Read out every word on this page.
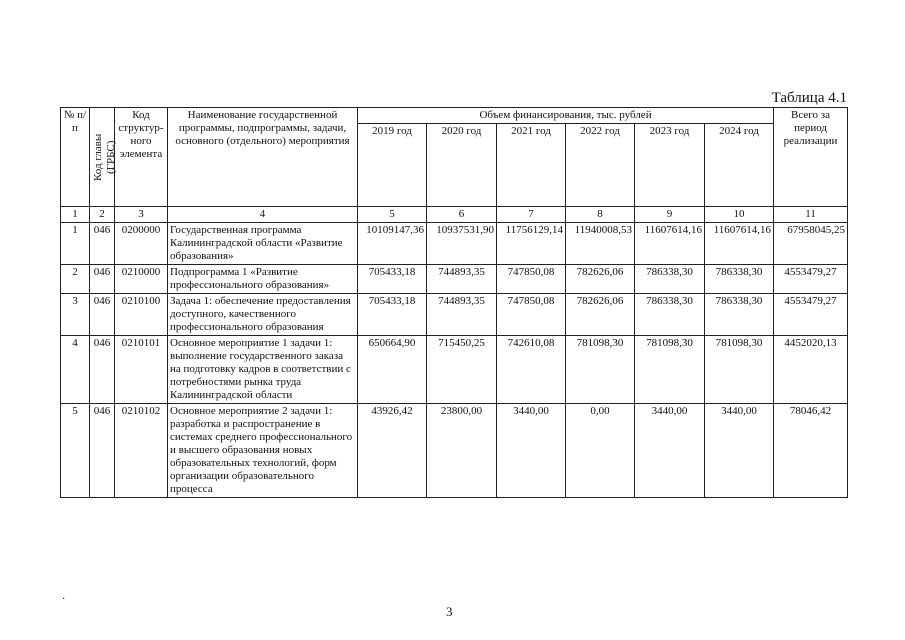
Таблица 4.1
№ п/п	Код главы (ГРБС)	Код структур-ного элемента	Наименование государственной программы, подпрограммы, задачи, основного (отдельного) мероприятия	Объем финансирования, тыс. рублей						Всего за период реализации
				2019 год	2020 год	2021 год	2022 год	2023 год	2024 год	
1	2	3	4	5	6	7	8	9	10	11
1	046	0200000	Государственная программа Калининградской области «Развитие образования»	10109147,36	10937531,90	11756129,14	11940008,53	11607614,16	11607614,16	67958045,25
2	046	0210000	Подпрограмма 1 «Развитие профессионального образования»	705433,18	744893,35	747850,08	782626,06	786338,30	786338,30	4553479,27
3	046	0210100	Задача 1: обеспечение предоставления доступного, качественного профессионального образования	705433,18	744893,35	747850,08	782626,06	786338,30	786338,30	4553479,27
4	046	0210101	Основное мероприятие 1 задачи 1: выполнение государственного заказа на подготовку кадров в соответствии с потребностями рынка труда Калининградской области	650664,90	715450,25	742610,08	781098,30	781098,30	781098,30	4452020,13
5	046	0210102	Основное мероприятие 2 задачи 1: разработка и распространение в системах среднего профессионального и высшего образования новых образовательных технологий, форм организации образовательного процесса	43926,42	23800,00	3440,00	0,00	3440,00	3440,00	78046,42
·
3
